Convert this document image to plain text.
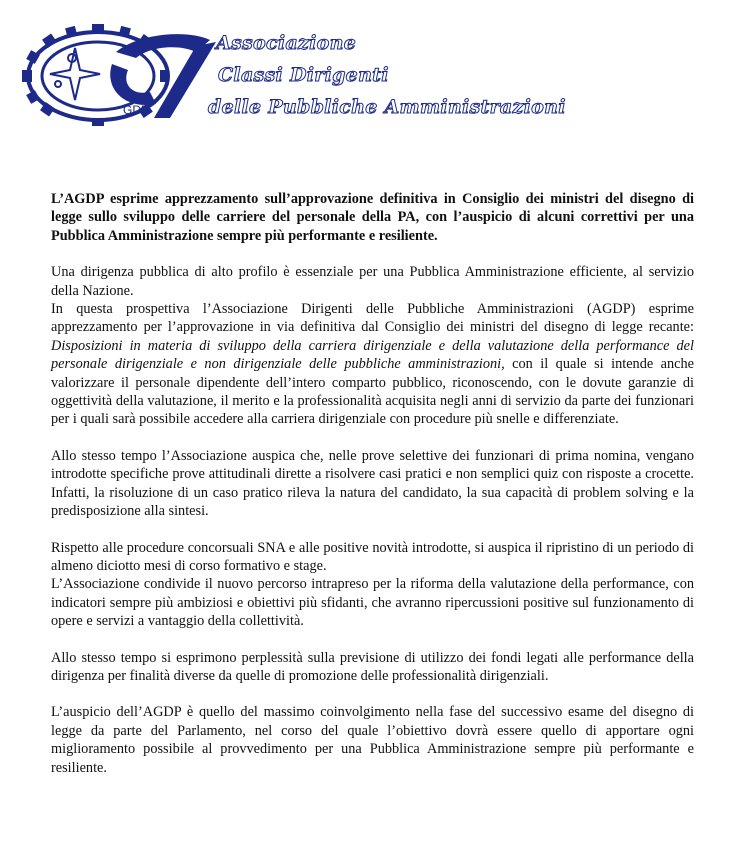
GDP
Associazione
Classi Dirigenti
delle Pubbliche Amministrazioni

L’AGDP esprime apprezzamento sull’approvazione definitiva in Consiglio dei ministri del disegno di legge sullo sviluppo delle carriere del personale della PA, con l’auspicio di alcuni correttivi per una Pubblica Amministrazione sempre più performante e resiliente.

Una dirigenza pubblica di alto profilo è essenziale per una Pubblica Amministrazione efficiente, al servizio della Nazione.

In questa prospettiva l’Associazione Dirigenti delle Pubbliche Amministrazioni (AGDP) esprime apprezzamento per l’approvazione in via definitiva dal Consiglio dei ministri del disegno di legge recante: Disposizioni in materia di sviluppo della carriera dirigenziale e della valutazione della performance del personale dirigenziale e non dirigenziale delle pubbliche amministrazioni, con il quale si intende anche valorizzare il personale dipendente dell’intero comparto pubblico, riconoscendo, con le dovute garanzie di oggettività della valutazione, il merito e la professionalità acquisita negli anni di servizio da parte dei funzionari per i quali sarà possibile accedere alla carriera dirigenziale con procedure più snelle e differenziate.

Allo stesso tempo l’Associazione auspica che, nelle prove selettive dei funzionari di prima nomina, vengano introdotte specifiche prove attitudinali dirette a risolvere casi pratici e non semplici quiz con risposte a crocette. Infatti, la risoluzione di un caso pratico rileva la natura del candidato, la sua capacità di problem solving e la predisposizione alla sintesi.

Rispetto alle procedure concorsuali SNA e alle positive novità introdotte, si auspica il ripristino di un periodo di almeno diciotto mesi di corso formativo e stage.

L’Associazione condivide il nuovo percorso intrapreso per la riforma della valutazione della performance, con indicatori sempre più ambiziosi e obiettivi più sfidanti, che avranno ripercussioni positive sul funzionamento di opere e servizi a vantaggio della collettività.

Allo stesso tempo si esprimono perplessità sulla previsione di utilizzo dei fondi legati alle performance della dirigenza per finalità diverse da quelle di promozione delle professionalità dirigenziali.

L’auspicio dell’AGDP è quello del massimo coinvolgimento nella fase del successivo esame del disegno di legge da parte del Parlamento, nel corso del quale l’obiettivo dovrà essere quello di apportare ogni miglioramento possibile al provvedimento per una Pubblica Amministrazione sempre più performante e resiliente.
